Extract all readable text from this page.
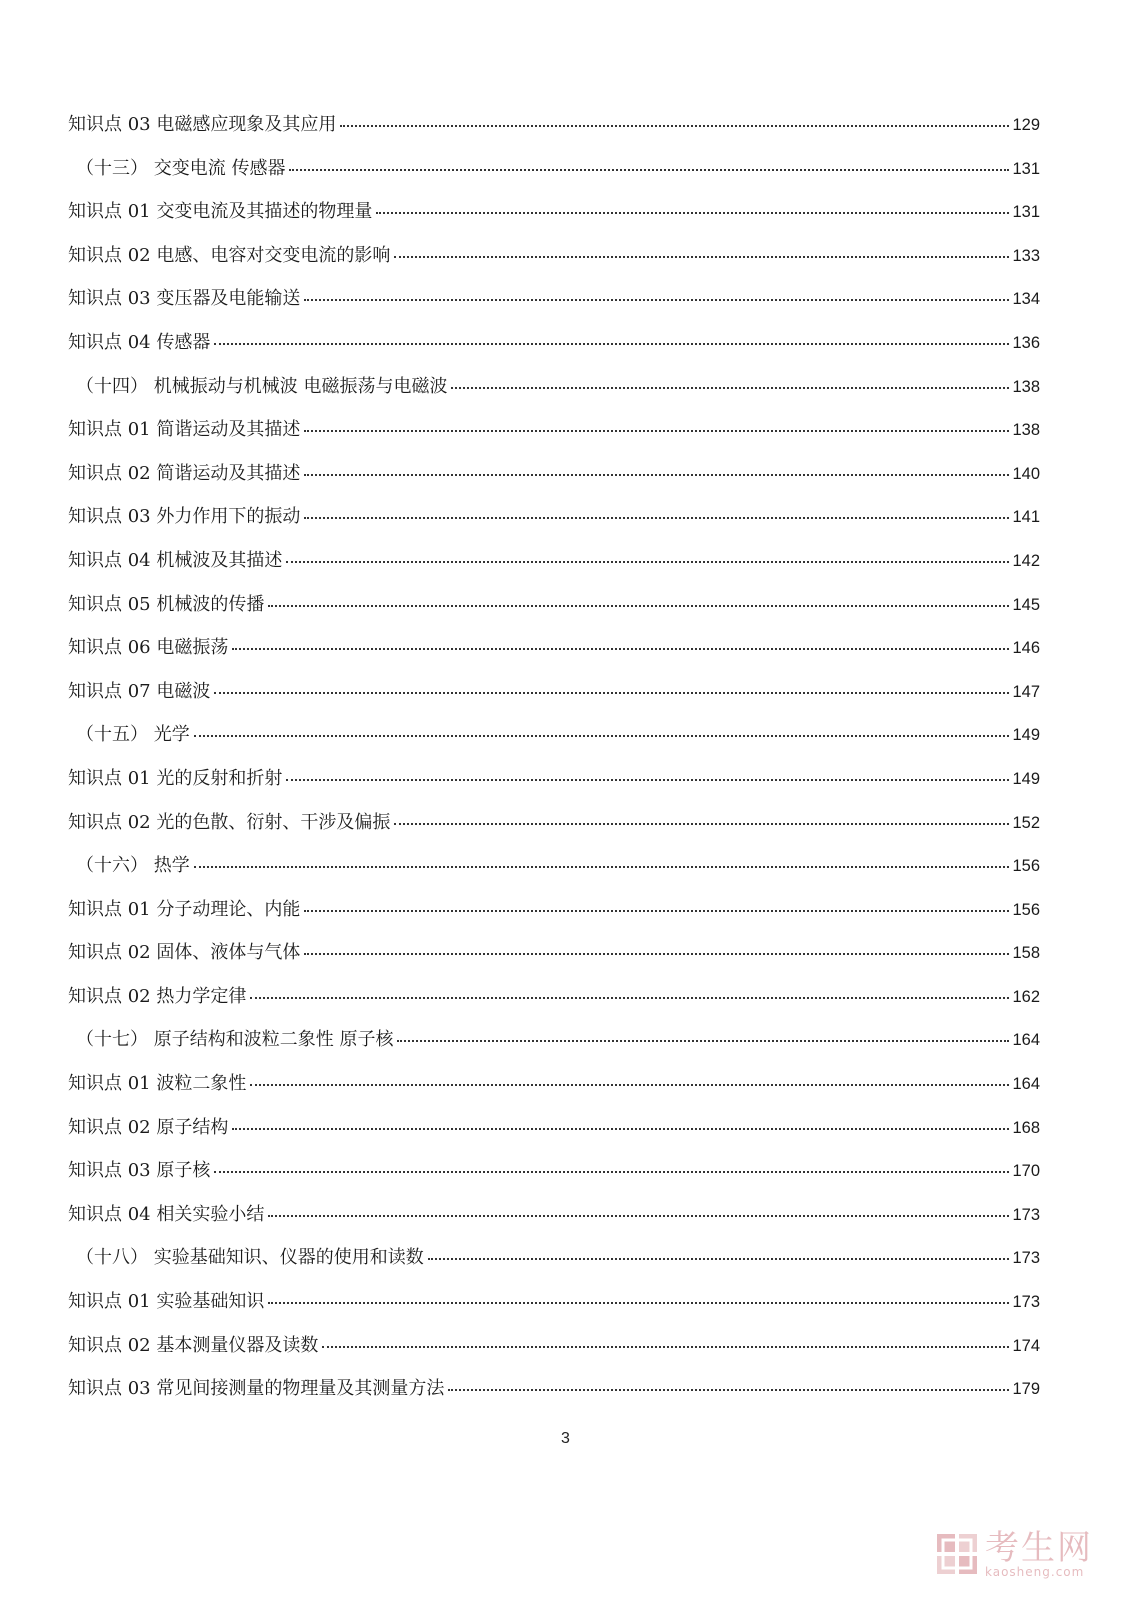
知识点 03 电磁感应现象及其应用	129
（十三） 交变电流 传感器	131
知识点 01 交变电流及其描述的物理量	131
知识点 02 电感、电容对交变电流的影响	133
知识点 03 变压器及电能输送	134
知识点 04 传感器	136
（十四） 机械振动与机械波 电磁振荡与电磁波	138
知识点 01 简谐运动及其描述	138
知识点 02 简谐运动及其描述	140
知识点 03 外力作用下的振动	141
知识点 04 机械波及其描述	142
知识点 05 机械波的传播	145
知识点 06 电磁振荡	146
知识点 07 电磁波	147
（十五） 光学	149
知识点 01 光的反射和折射	149
知识点 02 光的色散、衍射、干涉及偏振	152
（十六） 热学	156
知识点 01 分子动理论、内能	156
知识点 02 固体、液体与气体	158
知识点 02 热力学定律	162
（十七） 原子结构和波粒二象性 原子核	164
知识点 01 波粒二象性	164
知识点 02 原子结构	168
知识点 03 原子核	170
知识点 04 相关实验小结	173
（十八） 实验基础知识、仪器的使用和读数	173
知识点 01 实验基础知识	173
知识点 02 基本测量仪器及读数	174
知识点 03 常见间接测量的物理量及其测量方法	179
3
考生网
kaosheng.com
